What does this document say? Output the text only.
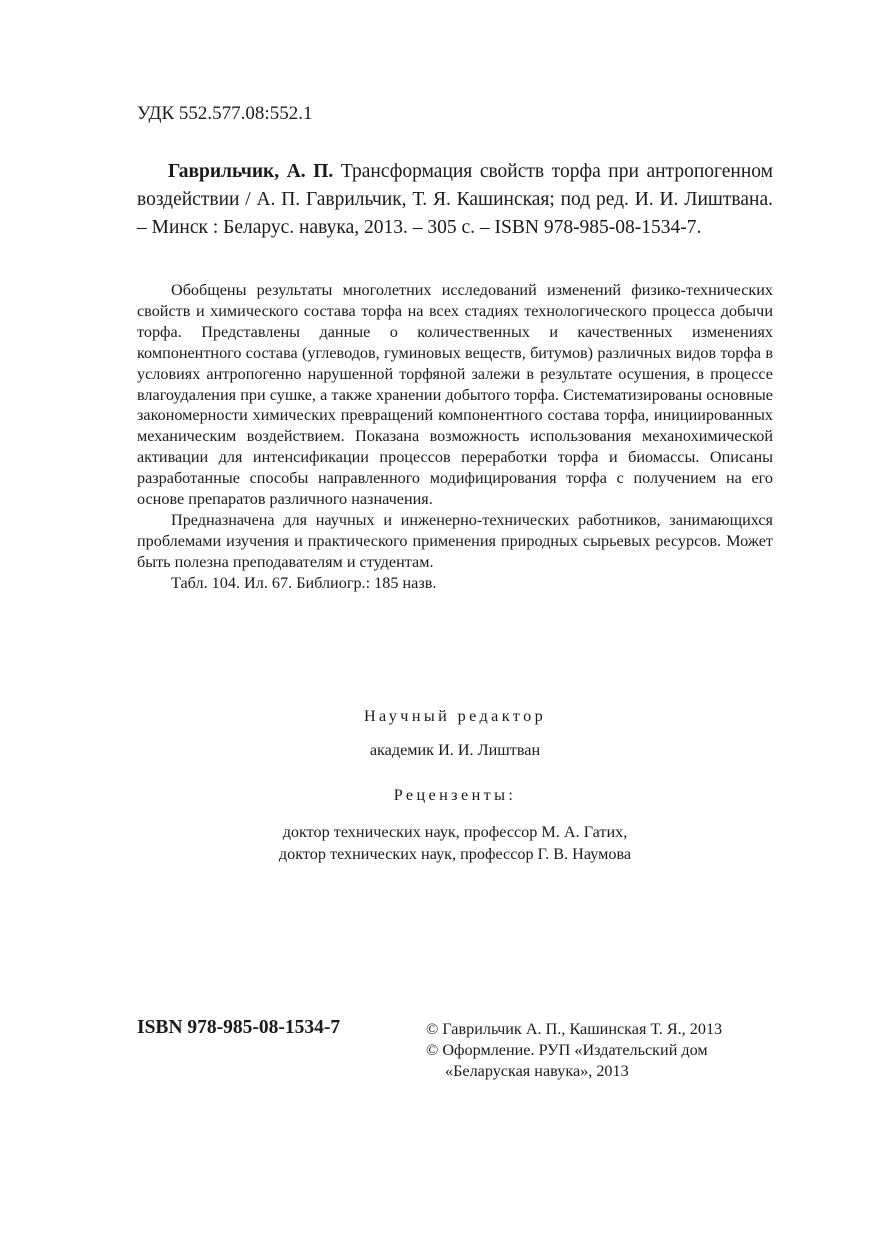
УДК 552.577.08:552.1
Гаврильчик, А. П. Трансформация свойств торфа при антропогенном воздействии / А. П. Гаврильчик, Т. Я. Кашинская; под ред. И. И. Лиштвана. – Минск : Беларус. навука, 2013. – 305 с. – ISBN 978-985-08-1534-7.

Обобщены результаты многолетних исследований изменений физико-технических свойств и химического состава торфа на всех стадиях технологического процесса добычи торфа. Представлены данные о количественных и качественных изменениях компонентного состава (углеводов, гуминовых веществ, битумов) различных видов торфа в условиях антропогенно нарушенной торфяной залежи в результате осушения, в процессе влагоудаления при сушке, а также хранении добытого торфа. Систематизированы основные закономерности химических превращений компонентного состава торфа, инициированных механическим воздействием. Показана возможность использования механохимической активации для интенсификации процессов переработки торфа и биомассы. Описаны разработанные способы направленного модифицирования торфа с получением на его основе препаратов различного назначения.

Предназначена для научных и инженерно-технических работников, занимающихся проблемами изучения и практического применения природных сырьевых ресурсов. Может быть полезна преподавателям и студентам.

Табл. 104. Ил. 67. Библиогр.: 185 назв.

Научный редактор
академик И. И. Лиштван
Рецензенты:
доктор технических наук, профессор М. А. Гатих,
доктор технических наук, профессор Г. В. Наумова
ISBN 978-985-08-1534-7	© Гаврильчик А. П., Кашинская Т. Я., 2013
© Оформление. РУП «Издательский дом
«Беларуская навука», 2013
